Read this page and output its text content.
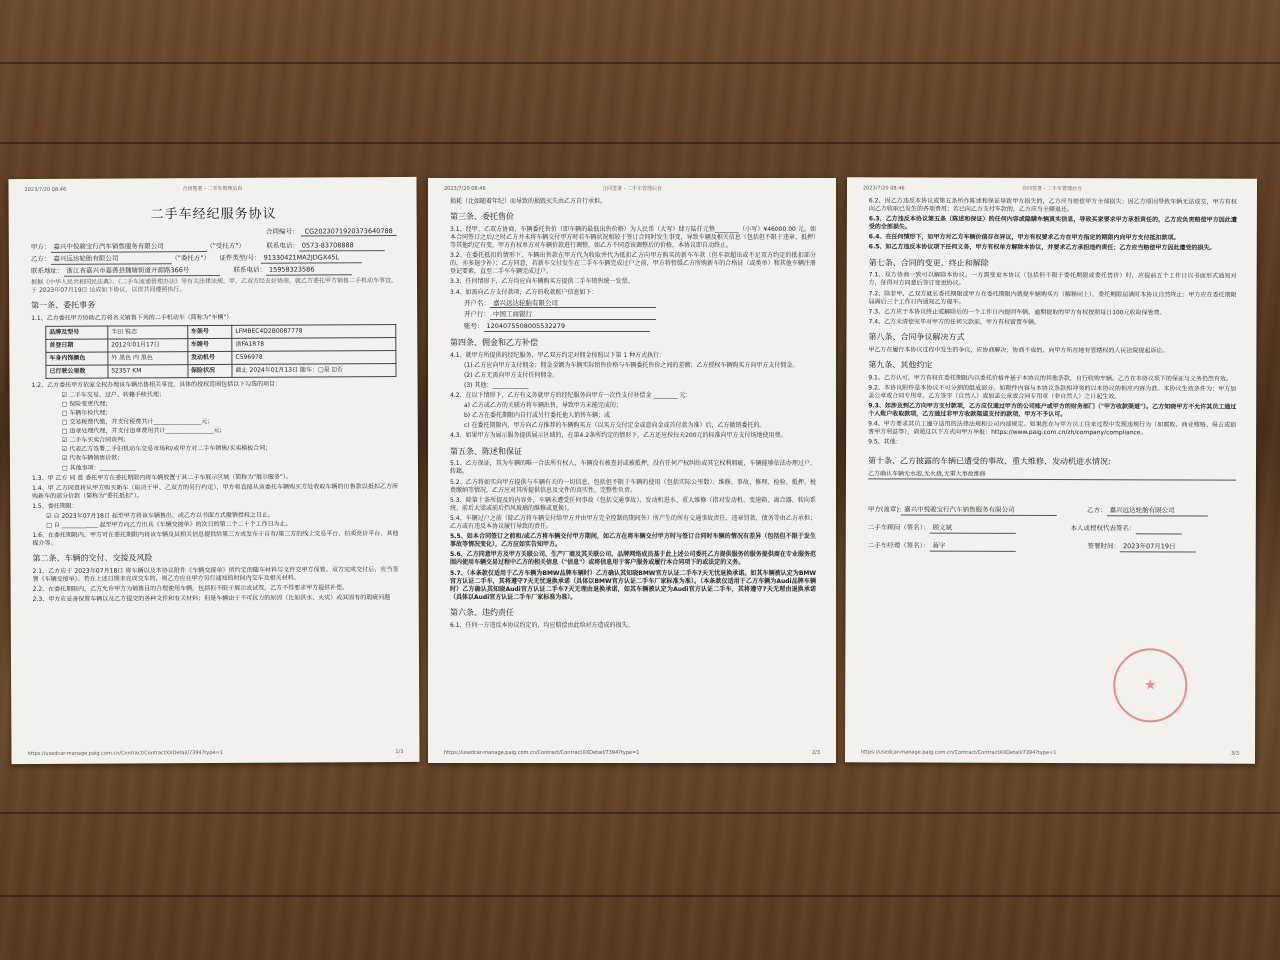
2023/7/20 08:46	合同签署 - 二手车管理后台
二手车经纪服务协议
合同编号： CG2023071920373640788
甲方： 嘉兴中悦骏宝行汽车销售服务有限公司	（"受托方"）	联系电话： 0573-83708888
乙方： 嘉兴远达轮胎有限公司	（"委托方"）	证件类型/号： 91330421MA2JDGX45L
联系地址： 浙江省嘉兴市嘉善县魏塘街道开源路366号	联系电话： 15958323586
根据《中华人民共和国民法典》、《二手车流通管理办法》等有关法律法规，甲、乙双方经友好协商，就乙方委托甲方销售二手机动车事宜，于 2023年07月19日 达成如下协议，以资共同遵照执行。
第一条、委托事务
1.1、乙方委托甲方协助乙方将名义销售下列的二手机动车（简称为"车辆"）
品牌及型号	丰田 锐志	车架号	LFMBEC4D2B0087778
首登日期	2012年01月17日	车牌号	浙FA1R78
车身内饰颜色	外 黑色 内 黑色	发动机号	C596978
已行驶公里数	52357 KM	保险状况	截止 2024年01月13日 随车：□是 ☑否
1.2、乙方委托甲方依家全权办理该车辆出售相关事宜，具体的授权范围包括以下勾选的项目：
☑ 二手车交易、过户、转籍手续代理；
□ 保险变更代理；
□ 车辆年检代理；
□ 交易税费代缴，并支付税费共计________________元；
□ 违章处理代理，并支付违章费用共计________________元；
☑ 二手车买卖合同谈判；
☑ 代表乙方签署二手旧机动车交易市场和/或甲方对二手车销售/买卖模板合同；
☑ 代收车辆销售价款；
□ 其他事项：____________
1.3、甲 乙方 同 意 委托甲方在委托期限内将车辆放置于其二手车展示区域（简称为"展示服务"）。
1.4、甲 乙方同意将从甲方购买新车（取决于甲、乙双方的另行约定），甲方将直接从该委托车辆购买方处收取车辆的出售款以抵扣乙方所购新车的部分价款（简称为"委托抵扣"）。
1.5、委托期限：
☑ 自 2023年07月18日 起至甲方将该车辆售出、或乙方以书面方式撤销授权之日止。
□ 自 ____________ 起至甲方向乙方出具《车辆交接单》的次日的第二个二十个工作日为止。
1.6、在委托期限内，甲方可在委托期限内将该车辆及其相关信息提供给第三方或发布于自有/第三方的线上交易平台、拍卖竞价平台、其他媒介等。
第二条、车辆的交付、交接及风险
2.1、乙方应于 2023年07月18日 将车辆以及本协议附件《车辆交接单》所约定的随车材料与文件交甲方保管。双方完成交付后，应当签署《车辆交接单》。若在上述日期未完成交车的，则乙方应在甲方另行通知的时间内交车及相关材料。
2.2、在委托期限内，乙方允许甲方为销售目的合理使用车辆，包括但不限于展示或试驾，乙方不得要求甲方提供补偿。
2.3、甲方应妥善保管车辆以及乙方提交的各种文件和有关材料；但是车辆由于不可抗力的原因（比如洪水、火灾）或其固有的瑕疵问题
https://usedcar-manage.paig.com.cn/Contract/ContractXXDetail/7394?type=1	1/3
2023/7/20 08:46	合同签署 - 二手车管理后台
损耗（比如随着年纪）而导致的损毁灭失由乙方自行承担。
第三条、委托售价
3.1、经甲、乙双方协商，车辆委托售价（即车辆的最低出售价格）为人民币（大写）肆万陆仟元整________（小写）¥46000.00 元。如本合同签订之后/之时乙方并未将车辆交付甲方时若车辆状况相较于签订合同时发生事变，导致车辆及相关信息（包括但不限于违章、抵押）等其他约定有变，甲方有权单方对车辆价款进行调整，如乙方不同意该调整后的价格，本协议即自动终止。
3.2、在委托抵扣的情形下，车辆出售款在甲方代为收取并代为抵扣乙方向甲方购买的新车车款（但车款超出或不足双方约定的抵扣部分的，亦多退少补）；乙方同意，若新车交付发生在二手车车辆完成过户之前，甲方将暂缓乙方所购新车的合格证（或类单）和其他车辆注册登记要素，直至二手车车辆完成过户。
3.3、任何情形下，乙方均应向车辆购买方提供二手车销售统一发票。
3.4、如需向乙方支付款项，乙方的收款账户信息如下：
开户名： 嘉兴远达轮胎有限公司
开户行： 中国工商银行
账号： 1204075508005532279
第四条、佣金和乙方补偿
4.1、就甲方所提供的经纪服务，甲乙双方约定对佣金按照以下第 1 种方式执行：
(1) 乙方应向甲方支付佣金；佣金金额为车辆实际销售价格与车辆委托售价之间的差额；乙方授权车辆购买方向甲方支付佣金。
(2) 乙方无需向甲方支付任何佣金。
(3) 其他：____________
4.2、在以下情形下，乙方有义务就甲方的经纪服务向甲方一次性支付补偿金 ________ 元：
a) 乙方或乙方的关联方将车辆出售，导致甲方未能完成的；
b) 乙方在委托期限内自行或另行委托他人销售车辆；或
c) 在委托期限内，甲方向乙方推荐的车辆购买方（以买方交付定金或意向金或首付款为准）后，乙方撤销委托的。
4.3、如果甲方为展示服务提供展示区域的，在第4.2条所约定的情形下，乙方还应按每天200元的标准向甲方支付场地使用费。
第五条、陈述和保证
5.1、乙方保证，其为车辆的唯一合法所有权人，车辆没有被查封或被抵押，没有任何产权纠纷或其它权利瑕疵，车辆能够依法办理过户、转籍。
5.2、乙方将如实向甲方提供与车辆有关的一切信息，包括但不限于车辆的使用（包括实际公里数）、维修、事故、修理、检验、抵押、税费缴纳等情况，乙方应对其所提供信息及文件的真实性、完整性负责。
5.3、除第十条所提及的内容外，车辆未遭受任何事故（包括交通事故）、发动机进水、重大维修（指对发动机、变速箱、离合器、转向系统、前后大梁或前后挡风玻璃的维修或更换）。
5.4、车辆过户之前（除乙方将车辆交付给甲方并由甲方完全控制的期间外）所产生的所有交通事故责任、违章罚款、债务等由乙方承担；乙方或有违反本协议履行导致的责任。
5.5、如本合同签订之前和/或乙方将车辆交付甲方期间，如乙方在将车辆交付甲方时与签订合同时车辆的情况有差异（包括但不限于发生事故等情况变化），乙方应如实告知甲方。
5.6、乙方同意甲方及甲方关联公司、生产厂商及其关联公司、品牌网络成员基于此上述公司委托乙方提供服务的服务提供商在专业服务范围内使用车辆交易过程中乙方的相关信息（"信息"）或将信息用于客户服务或履行本合同项下的或法定的义务。
5.7、（本条款仅适用于乙方车辆为BMW品牌车辆时）乙方确认其知晓BMW官方认证二手车7天无忧退换承诺。如其车辆被认定为BMW官方认证二手车，其将遵守7天无忧退换承诺（具体以BMW官方认证二手车厂家标准为准）。（本条款仅适用于乙方车辆为Audi品牌车辆时）乙方确认其知晓Audi官方认证二手车7天无理由退换承诺，如其车辆被认定为Audi官方认证二手车，其将遵守7天无理由退换承诺（具体以Audi官方认证二手车厂家标准为准）。
第六条、违约责任
6.1、任何一方违反本协议约定的，均应赔偿由此给对方造成的损失。
https://usedcar-manage.paig.com.cn/Contract/ContractXXDetail/7394?type=1	2/3
2023/7/20 08:46	合同签署 - 二手车管理后台
6.2、因乙方违反本协议或第五条所作陈述和保证导致甲方损失的，乙方应当赔偿甲方全部损失；因乙方原因导致车辆无法成交，甲方有权向乙方收取已发生的各项费用；若已向乙方支付车款的，乙方应当全额退还。
6.3、乙方违反本协议第五条（陈述和保证）的任何内容或隐瞒车辆真实信息，导致买家要求甲方承担责任的，乙方应负责赔偿甲方因此遭受的全部损失。
6.4、在任何情形下，如甲方对乙方车辆价值存在异议，甲方有权要求乙方在甲方指定的期限内向甲方支付抵扣款项。
6.5、如乙方违反本协议项下任何义务，甲方有权单方解除本协议，并要求乙方承担违约责任；乙方应当赔偿甲方因此遭受的损失。
第七条、合同的变更、终止和解除
7.1、双方协商一致可以解除本协议。一方需变更本协议（包括但不限于委托期限或委托售价）时，应提前五个工作日以书面形式通知对方，征得对方同意后签订变更协议。
7.2、除非甲、乙双方就长委托期限或甲方在委托期限内就提车辆购买方（解释同上），委托期限届满时本协议自然终止；甲方应在委托期限届满后三个工作日内通知乙方提车。
7.3、乙方应于本协议终止或解除后的一个工作日内提回车辆，逾期提取的甲方有权按照每日100元收取保管费。
7.4、乙方未清偿完毕对甲方的任何欠款前，甲方有权留置车辆。
第八条、合同争议解决方式
甲乙方在履行本协议过程中发生的争议，应协商解决；协商不成的，向甲方所在地有管辖权的人民法院提起诉讼。
第九条、其他约定
9.1、乙方认可，甲方有权在委托期限内以委托价格并基于本协议的其他条款，自行收购车辆。乙方在本协议项下的保证与义务仍然有效。
9.2、本协议附件是本协议不可分割的组成部分。如附件内容与本协议条款相冲突的以本协议的相应内容为准。本协议生效条件为：甲方加盖公章或合同专用章，乙方签字（自然人）或加盖公章或合同专用章（非自然人）之日起生效。
9.3、如涉及到乙方向甲方支付款项，乙方应仅通过甲方的公司账户或甲方的财务部门（"甲方收款渠道"）。乙方知晓甲方不允许其员工通过个人账户收取款项，乙方通过非甲方收款渠道支付的款项，甲方不予认可。
9.4、甲方要求其员工遵守适用的法律法规和公司内部规定。如果您在与甲方员工往来过程中发现违规行为（如腐败、商业贿赂、侵占或损害甲方利益等），请通过以下方式向甲方举报：https://www.paig.com.cn/zh/company/compliance。
9.5、其他：
第十条、乙方披露的车辆已遭受的事故、重大维修、发动机进水情况:
乙方确认车辆无水泡,无火烧,无重大事故维修
甲方(盖章): 嘉兴中悦骏宝行汽车销售服务有限公司	乙方： 嘉兴远达轮胎有限公司
二手车顾问（签名）： 顾文斌	本人或授权代表签名：
二手车经理（签名）： 蒋宇	签署时间： 2023年07月19日
★
https://usedcar-manage.paig.com.cn/Contract/ContractXXDetail/7394?type=1	3/3
